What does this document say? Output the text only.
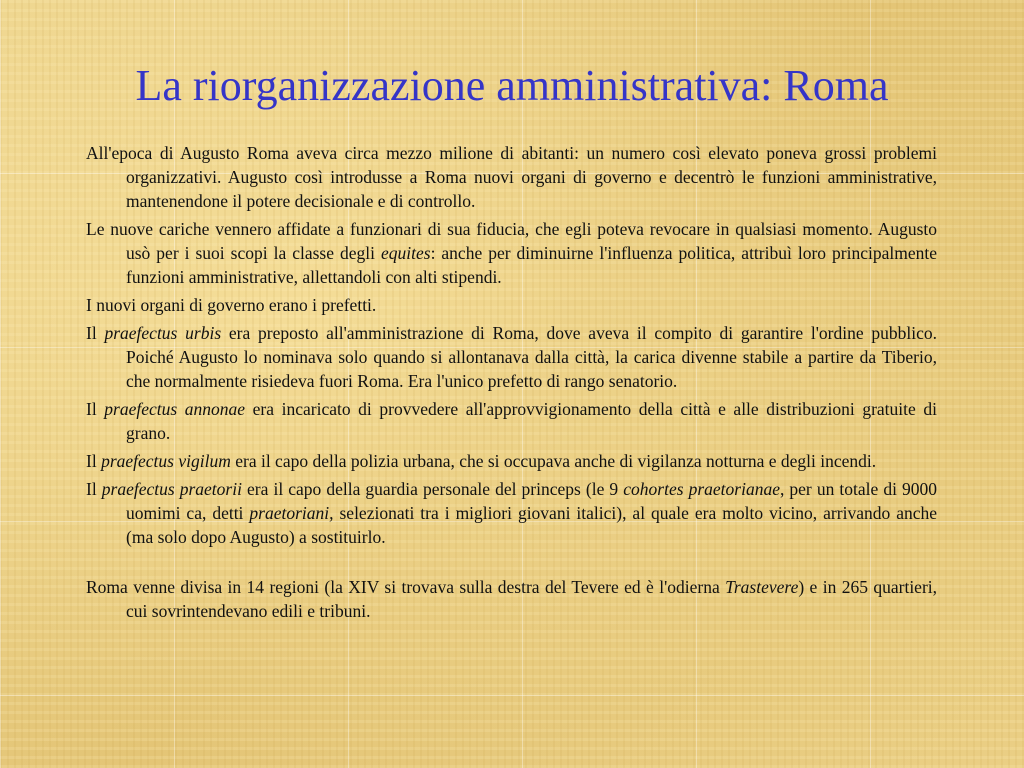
La riorganizzazione amministrativa: Roma

All'epoca di Augusto Roma aveva circa mezzo milione di abitanti: un numero così elevato poneva grossi problemi organizzativi. Augusto così introdusse a Roma nuovi organi di governo e decentrò le funzioni amministrative, mantenendone il potere decisionale e di controllo.

Le nuove cariche vennero affidate a funzionari di sua fiducia, che egli poteva revocare in qualsiasi momento. Augusto usò per i suoi scopi la classe degli equites: anche per diminuirne l'influenza politica, attribuì loro principalmente funzioni amministrative, allettandoli con alti stipendi.

I nuovi organi di governo erano i prefetti.

Il praefectus urbis era preposto all'amministrazione di Roma, dove aveva il compito di garantire l'ordine pubblico. Poiché Augusto lo nominava solo quando si allontanava dalla città, la carica divenne stabile a partire da Tiberio, che normalmente risiedeva fuori Roma. Era l'unico prefetto di rango senatorio.

Il praefectus annonae era incaricato di provvedere all'approvvigionamento della città e alle distribuzioni gratuite di grano.

Il praefectus vigilum era il capo della polizia urbana, che si occupava anche di vigilanza notturna e degli incendi.

Il praefectus praetorii era il capo della guardia personale del princeps (le 9 cohortes praetorianae, per un totale di 9000 uomimi ca, detti praetoriani, selezionati tra i migliori giovani italici), al quale era molto vicino, arrivando anche (ma solo dopo Augusto) a sostituirlo.

Roma venne divisa in 14 regioni (la XIV si trovava sulla destra del Tevere ed è l'odierna Trastevere) e in 265 quartieri, cui sovrintendevano edili e tribuni.
